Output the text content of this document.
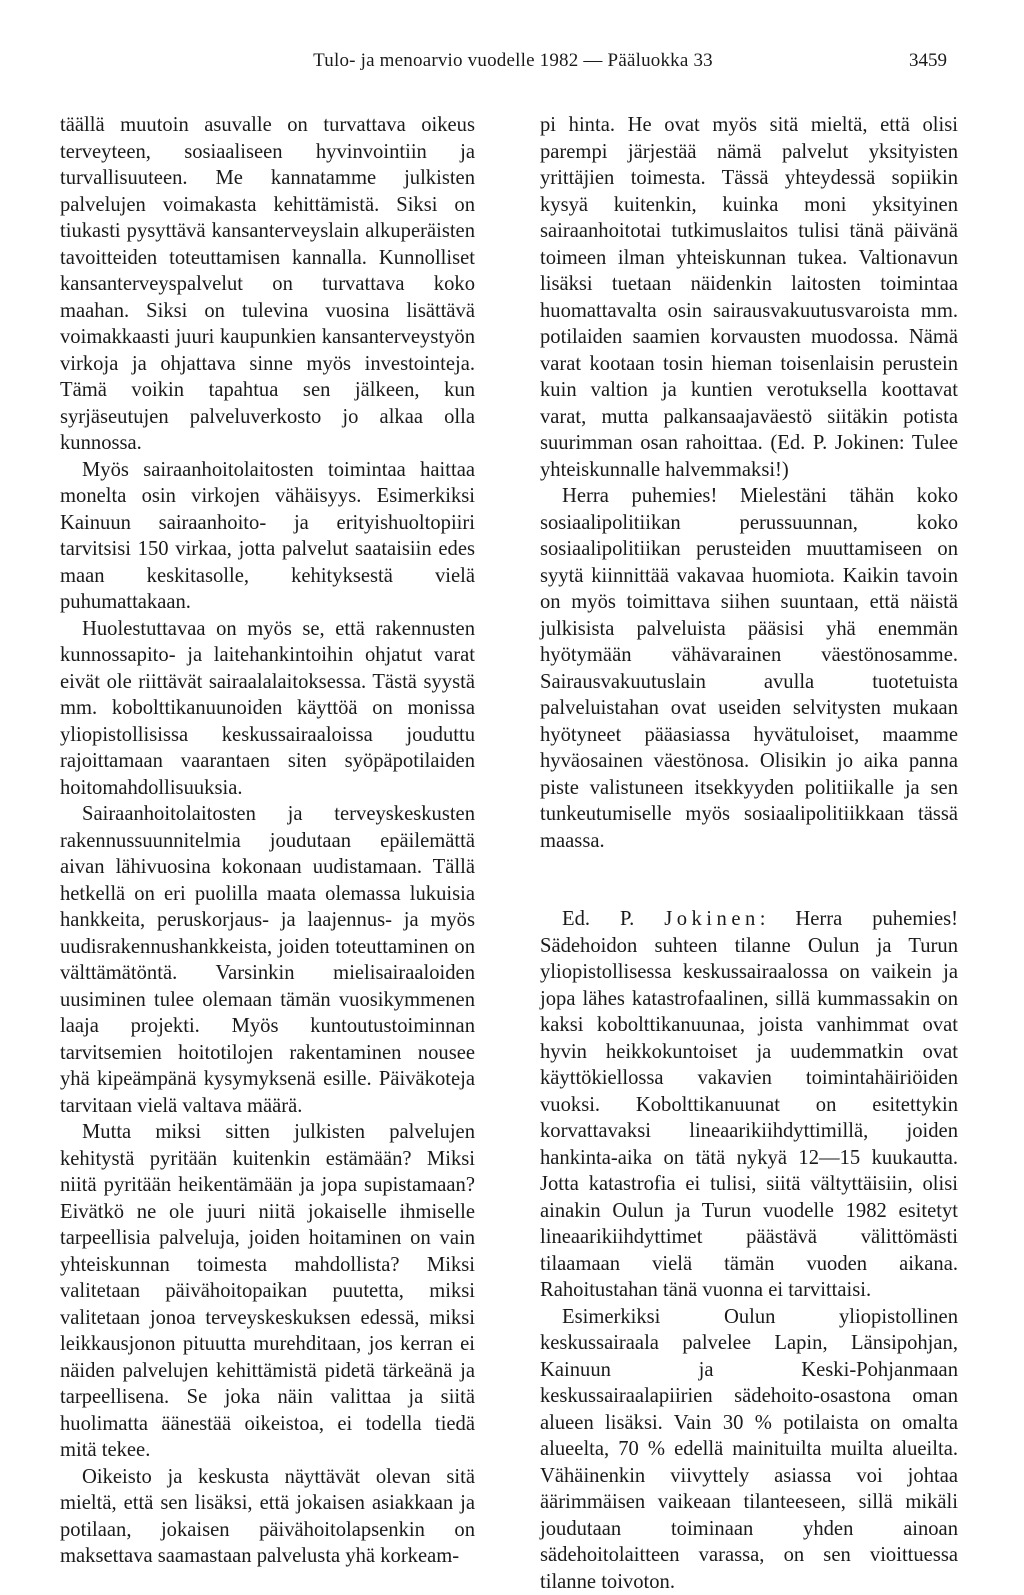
Tulo- ja menoarvio vuodelle 1982 — Pääluokka 33	3459

täällä muutoin asuvalle on turvattava oikeus terveyteen, sosiaaliseen hyvinvointiin ja turvallisuuteen. Me kannatamme julkisten palvelujen voimakasta kehittämistä. Siksi on tiukasti pysyttävä kansanterveyslain alkuperäisten tavoitteiden toteuttamisen kannalla. Kunnolliset kansanterveyspalvelut on turvattava koko maahan. Siksi on tulevina vuosina lisättävä voimakkaasti juuri kaupunkien kansanterveystyön virkoja ja ohjattava sinne myös investointeja. Tämä voikin tapahtua sen jälkeen, kun syrjäseutujen palveluverkosto jo alkaa olla kunnossa.

Myös sairaanhoitolaitosten toimintaa haittaa monelta osin virkojen vähäisyys. Esimerkiksi Kainuun sairaanhoito- ja erityishuoltopiiri tarvitsisi 150 virkaa, jotta palvelut saataisiin edes maan keskitasolle, kehityksestä vielä puhumattakaan.

Huolestuttavaa on myös se, että rakennusten kunnossapito- ja laitehankintoihin ohjatut varat eivät ole riittävät sairaalalaitoksessa. Tästä syystä mm. kobolttikanuunoiden käyttöä on monissa yliopistollisissa keskussairaaloissa jouduttu rajoittamaan vaarantaen siten syöpäpotilaiden hoitomahdollisuuksia.

Sairaanhoitolaitosten ja terveyskeskusten rakennussuunnitelmia joudutaan epäilemättä aivan lähivuosina kokonaan uudistamaan. Tällä hetkellä on eri puolilla maata olemassa lukuisia hankkeita, peruskorjaus- ja laajennus- ja myös uudisrakennushankkeista, joiden toteuttaminen on välttämätöntä. Varsinkin mielisairaaloiden uusiminen tulee olemaan tämän vuosikymmenen laaja projekti. Myös kuntoutustoiminnan tarvitsemien hoitotilojen rakentaminen nousee yhä kipeämpänä kysymyksenä esille. Päiväkoteja tarvitaan vielä valtava määrä.

Mutta miksi sitten julkisten palvelujen kehitystä pyritään kuitenkin estämään? Miksi niitä pyritään heikentämään ja jopa supistamaan? Eivätkö ne ole juuri niitä jokaiselle ihmiselle tarpeellisia palveluja, joiden hoitaminen on vain yhteiskunnan toimesta mahdollista? Miksi valitetaan päivähoitopaikan puutetta, miksi valitetaan jonoa terveyskeskuksen edessä, miksi leikkausjonon pituutta murehditaan, jos kerran ei näiden palvelujen kehittämistä pidetä tärkeänä ja tarpeellisena. Se joka näin valittaa ja siitä huolimatta äänestää oikeistoa, ei todella tiedä mitä tekee.

Oikeisto ja keskusta näyttävät olevan sitä mieltä, että sen lisäksi, että jokaisen asiakkaan ja potilaan, jokaisen päivähoitolapsenkin on maksettava saamastaan palvelusta yhä korkeam-

pi hinta. He ovat myös sitä mieltä, että olisi parempi järjestää nämä palvelut yksityisten yrittäjien toimesta. Tässä yhteydessä sopiikin kysyä kuitenkin, kuinka moni yksityinen sairaanhoitotai tutkimuslaitos tulisi tänä päivänä toimeen ilman yhteiskunnan tukea. Valtionavun lisäksi tuetaan näidenkin laitosten toimintaa huomattavalta osin sairausvakuutusvaroista mm. potilaiden saamien korvausten muodossa. Nämä varat kootaan tosin hieman toisenlaisin perustein kuin valtion ja kuntien verotuksella koottavat varat, mutta palkansaajaväestö siitäkin potista suurimman osan rahoittaa. (Ed. P. Jokinen: Tulee yhteiskunnalle halvemmaksi!)

Herra puhemies! Mielestäni tähän koko sosiaalipolitiikan perussuunnan, koko sosiaalipolitiikan perusteiden muuttamiseen on syytä kiinnittää vakavaa huomiota. Kaikin tavoin on myös toimittava siihen suuntaan, että näistä julkisista palveluista pääsisi yhä enemmän hyötymään vähävarainen väestönosamme. Sairausvakuutuslain avulla tuotetuista palveluistahan ovat useiden selvitysten mukaan hyötyneet pääasiassa hyvätuloiset, maamme hyväosainen väestönosa. Olisikin jo aika panna piste valistuneen itsekkyyden politiikalle ja sen tunkeutumiselle myös sosiaalipolitiikkaan tässä maassa.

Ed. P. Jokinen: Herra puhemies! Sädehoidon suhteen tilanne Oulun ja Turun yliopistollisessa keskussairaalossa on vaikein ja jopa lähes katastrofaalinen, sillä kummassakin on kaksi kobolttikanuunaa, joista vanhimmat ovat hyvin heikkokuntoiset ja uudemmatkin ovat käyttökiellossa vakavien toimintahäiriöiden vuoksi. Kobolttikanuunat on esitettykin korvattavaksi lineaarikiihdyttimillä, joiden hankinta-aika on tätä nykyä 12—15 kuukautta. Jotta katastrofia ei tulisi, siitä vältyttäisiin, olisi ainakin Oulun ja Turun vuodelle 1982 esitetyt lineaarikiihdyttimet päästävä välittömästi tilaamaan vielä tämän vuoden aikana. Rahoitustahan tänä vuonna ei tarvittaisi.

Esimerkiksi Oulun yliopistollinen keskussairaala palvelee Lapin, Länsipohjan, Kainuun ja Keski-Pohjanmaan keskussairaalapiirien sädehoito-osastona oman alueen lisäksi. Vain 30 % potilaista on omalta alueelta, 70 % edellä mainituilta muilta alueilta. Vähäinenkin viivyttely asiassa voi johtaa äärimmäisen vaikeaan tilanteeseen, sillä mikäli joudutaan toiminaan yhden ainoan sädehoitolaitteen varassa, on sen vioittuessa tilanne toivoton.
